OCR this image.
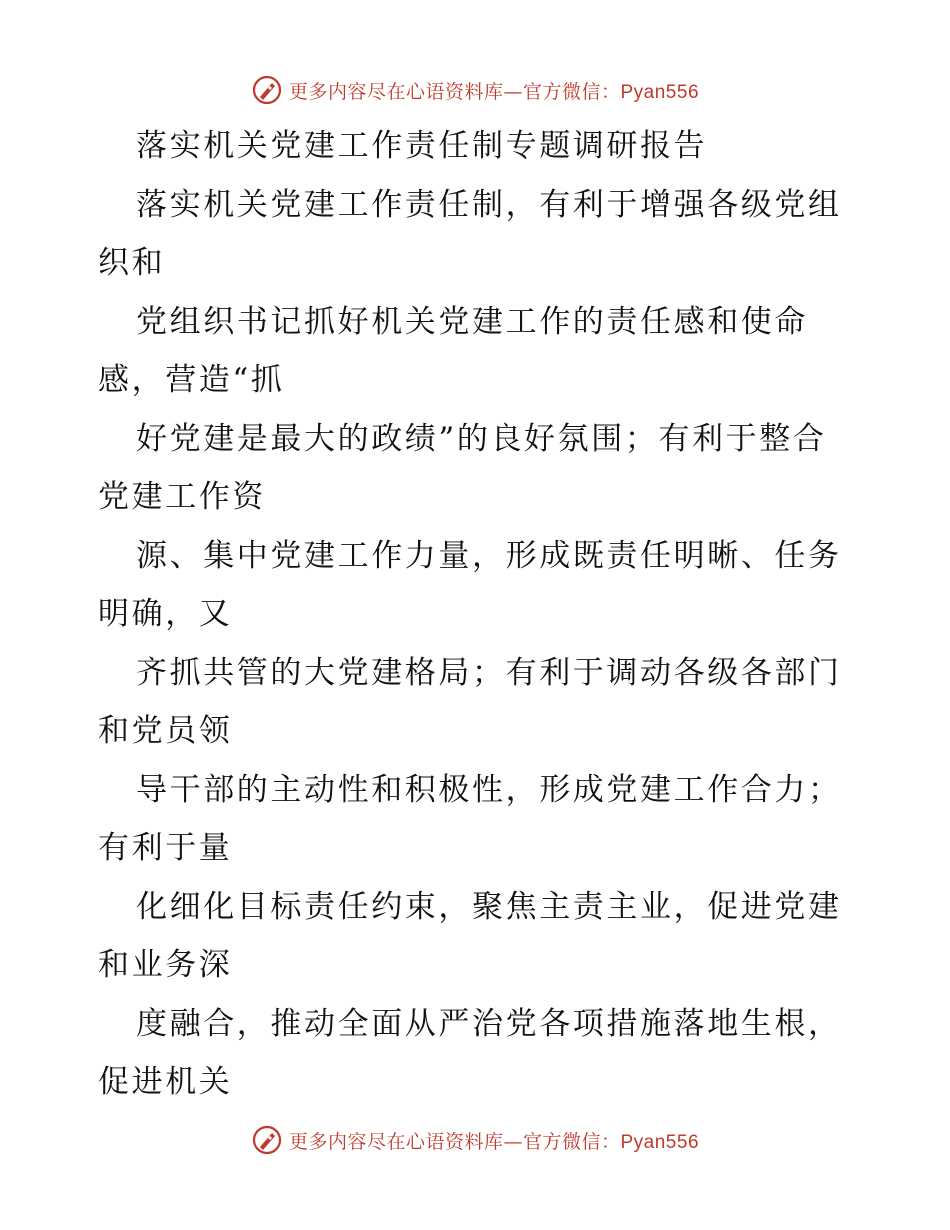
更多内容尽在心语资料库—官方微信：Pyan556
落实机关党建工作责任制专题调研报告
落实机关党建工作责任制，有利于增强各级党组
织和
党组织书记抓好机关党建工作的责任感和使命
感，营造“抓
好党建是最大的政绩”的良好氛围；有利于整合
党建工作资
源、集中党建工作力量，形成既责任明晰、任务
明确，又
齐抓共管的大党建格局；有利于调动各级各部门
和党员领
导干部的主动性和积极性，形成党建工作合力；
有利于量
化细化目标责任约束，聚焦主责主业，促进党建
和业务深
度融合，推动全面从严治党各项措施落地生根，
促进机关
更多内容尽在心语资料库—官方微信：Pyan556
